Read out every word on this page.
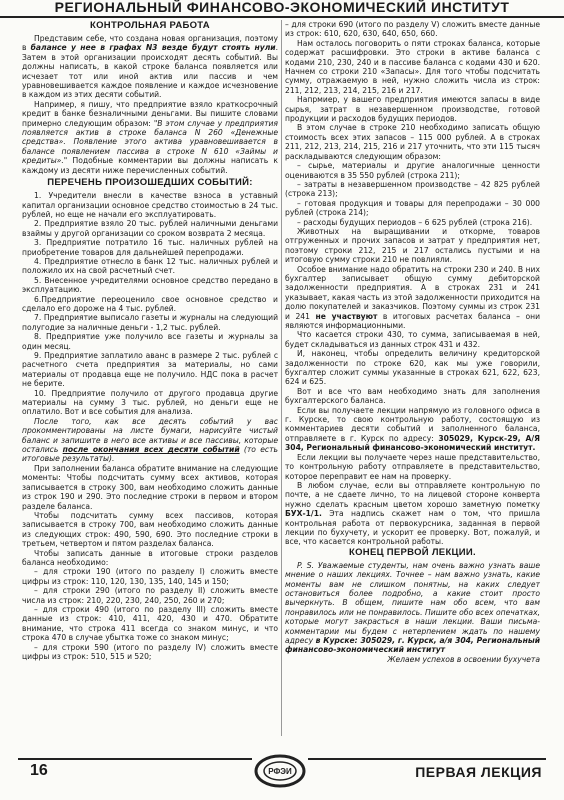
РЕГИОНАЛЬНЫЙ ФИНАНСОВО-ЭКОНОМИЧЕСКИЙ ИНСТИТУТ
КОНТРОЛЬНАЯ РАБОТА

Представим себе, что создана новая организация, поэтому в балансе у нее в графах N3 везде будут стоять нули. Затем в этой организации происходят десять событий. Вы должны написать, в какой строке баланса появляется или исчезает тот или иной актив или пассив и чем уравновешивается каждое появление и каждое исчезновение в каждом из этих десяти событий.

Например, я пишу, что предприятие взяло краткосрочный кредит в банке безналичными деньгами. Вы пишите словами примерно следующим образом: "В этом случае у предприятия появляется актив в строке баланса N 260 «Денежные средства». Появление этого актива уравновешивается в балансе появлением пассива в строке N 610 «Займы и кредиты»." Подобные комментарии вы должны написать к каждому из десяти ниже перечисленных событий.

ПЕРЕЧЕНЬ ПРОИЗОШЕДШИХ СОБЫТИЙ:

1. Учредители внесли в качестве взноса в уставный капитал организации основное средство стоимостью в 24 тыс. рублей, но еще не начали его эксплуатировать.

2. Предприятие взяло 20 тыс. рублей наличными деньгами взаймы у другой организации со сроком возврата 2 месяца.

3. Предприятие потратило 16 тыс. наличных рублей на приобретение товаров для дальнейшей перепродажи.

4. Предприятие отнесло в банк 12 тыс. наличных рублей и положило их на свой расчетный счет.

5. Внесенное учредителями основное средство передано в эксплуатацию.

6.Предприятие переоценило свое основное средство и сделало его дороже на 4 тыс. рублей.

7. Предприятие выписало газеты и журналы на следующий полугодие за наличные деньги - 1,2 тыс. рублей.

8. Предприятие уже получило все газеты и журналы за один месяц.

9. Предприятие заплатило аванс в размере 2 тыс. рублей с расчетного счета предприятия за материалы, но сами материалы от продавца еще не получило. НДС пока в расчет не берите.

10. Предприятие получило от другого продавца другие материалы на сумму 3 тыс. рублей, но деньги еще не оплатило. Вот и все события для анализа.

После того, как все десять событий у вас прокомментированы на листе бумаги, нарисуйте чистый баланс и запишите в него все активы и все пассивы, которые остались после окончания всех десяти событий (то есть итоговые результаты).

При заполнении баланса обратите внимание на следующие моменты: Чтобы подсчитать сумму всех активов, которая записывается в строку 300, вам необходимо сложить данные из строк 190 и 290. Это последние строки в первом и втором разделе баланса.

Чтобы подсчитать сумму всех пассивов, которая записывается в строку 700, вам необходимо сложить данные из следующих строк: 490, 590, 690. Это последние строки в третьем, четвертом и пятом разделах баланса.

Чтобы записать данные в итоговые строки разделов баланса необходимо:

– для строки 190 (итого по разделу I) сложить вместе цифры из строк: 110, 120, 130, 135, 140, 145 и 150;

– для строки 290 (итого по разделу II) сложить вместе числа из строк: 210, 220, 230, 240, 250, 260 и 270;

– для строки 490 (итого по разделу III) сложить вместе данные из строк: 410, 411, 420, 430 и 470. Обратите внимание, что строка 411 всегда со знаком минус, и что строка 470 в случае убытка тоже со знаком минус;

– для строки 590 (итого по разделу IV) сложить вместе цифры из строк: 510, 515 и 520;

– для строки 690 (итого по разделу V) сложить вместе данные из строк: 610, 620, 630, 640, 650, 660.

Нам осталось поговорить о пяти строках баланса, которые содержат расшифровки. Это строки в активе баланса с кодами 210, 230, 240 и в пассиве баланса с кодами 430 и 620. Начнем со строки 210 «Запасы». Для того чтобы подсчитать сумму, отражаемую в ней, нужно сложить числа из строк: 211, 212, 213, 214, 215, 216 и 217.

Напрмиер, у вашего предприятия имеются запасы в виде сырья, затрат в незавершенном производстве, готовой продукции и расходов будущих периодов.

В этом случае в строке 210 необходимо записать общую стоимость всех этих запасов – 115 000 рублей. А в строках 211, 212, 213, 214, 215, 216 и 217 уточнить, что эти 115 тысяч раскладываются следующим образом:

– сырье, материалы и другие аналогичные ценности оцениваются в 35 550 рублей (строка 211);

– затраты в незавершенном производстве – 42 825 рублей (строка 213);

– готовая продукция и товары для перепродажи – 30 000 рублей (строка 214);

– расходы будущих периодов – 6 625 рублей (строка 216).

Животных на выращивании и откорме, товаров отгруженных и прочих запасов и затрат у предприятия нет, поэтому строки 212, 215 и 217 остались пустыми и на итоговую сумму строки 210 не повлияли.

Особое внимание надо обратить на строки 230 и 240. В них бухгалтер записывает общую сумму дебиторской задолженности предприятия. А в строках 231 и 241 указывает, какая часть из этой задолженности приходится на долю покупателей и заказчиков. Поэтому суммы из строк 231 и 241 не участвуют в итоговых расчетах баланса – они являются информационными.

Что касается строки 430, то сумма, записываемая в ней, будет складываться из данных строк 431 и 432.

И, наконец, чтобы определить величину кредиторской задолженности по строке 620, как мы уже говорили, бухгалтер сложит суммы указанные в строках 621, 622, 623, 624 и 625.

Вот и все что вам необходимо знать для заполнения бухгалтерского баланса.

Если вы получаете лекции напрямую из головного офиса в г. Курске, то свою контрольную работу, состоящую из комментариев десяти событий и заполненного баланса, отправляете в г. Курск по адресу: 305029, Курск-29, А/Я 304, Региональный финансово-экономический институт.

Если лекции вы получаете через наше представительство, то контрольную работу отправляете в представительство, которое переправит ее нам на проверку.

В любом случае, если вы отправляете контрольную по почте, а не сдаете лично, то на лицевой стороне конверта нужно сделать красным цветом хорошо заметную пометку БУХ-1/1. Эта надпись скажет нам о том, что пришла контрольная работа от первокурсника, заданная в первой лекции по бухучету, и ускорит ее проверку. Вот, пожалуй, и все, что касается контрольной работы.

КОНЕЦ ПЕРВОЙ ЛЕКЦИИ.

P. S. Уважаемые студенты, нам очень важно узнать ваше мнение о наших лекциях. Точнее – нам важно узнать, какие моменты вам не слишком понятны, на каких следует остановиться более подробно, а какие стоит просто вычеркнуть. В общем, пишите нам обо всем, что вам понравилось или не понравилось. Пишите обо всех опечатках, которые могут закрасться в наши лекции. Ваши письма-комментарии мы будем с нетерпением ждать по нашему адресу в Курске: 305029, г. Курск, а/я 304, Региональный финансово-экономический институт

Желаем успехов в освоении бухучета

16	РФЭИ	ПЕРВАЯ ЛЕКЦИЯ
